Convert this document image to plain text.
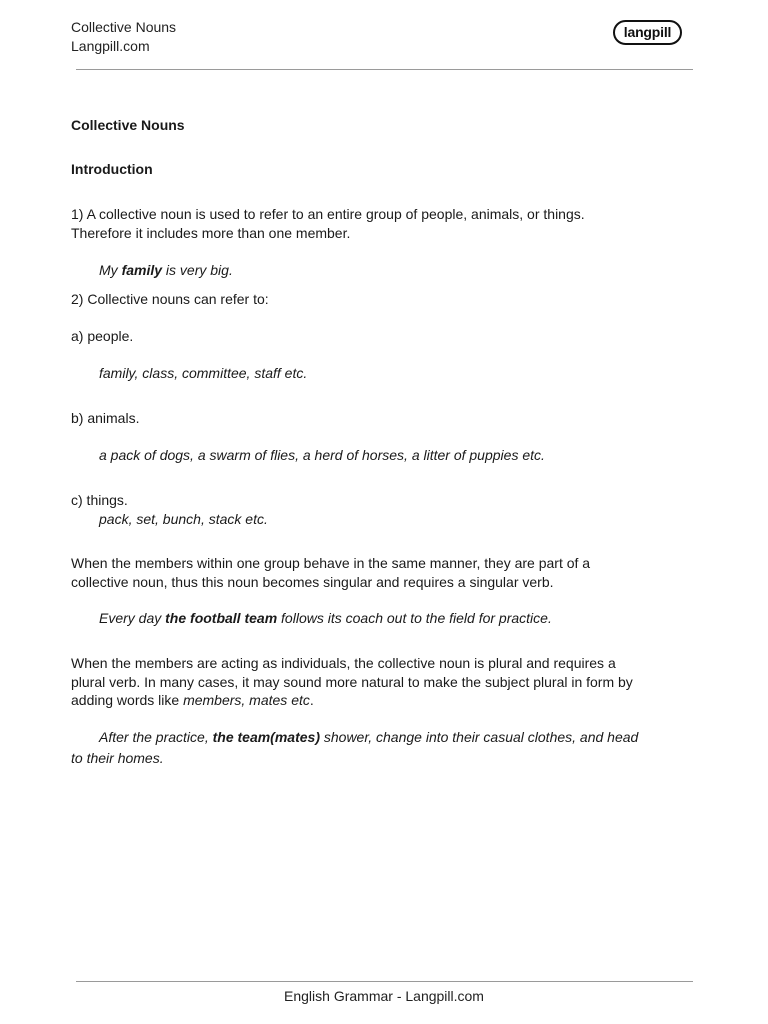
Collective Nouns
Langpill.com
langpill
Collective Nouns
Introduction
1) A collective noun is used to refer to an entire group of people, animals, or things.
Therefore it includes more than one member.
My family is very big.
2) Collective nouns can refer to:
a) people.
family, class, committee, staff etc.
b) animals.
a pack of dogs, a swarm of flies, a herd of horses, a litter of puppies etc.
c) things.
pack, set, bunch, stack etc.
When the members within one group behave in the same manner, they are part of a
collective noun, thus this noun becomes singular and requires a singular verb.
Every day the football team follows its coach out to the field for practice.
When the members are acting as individuals, the collective noun is plural and requires a
plural verb. In many cases, it may sound more natural to make the subject plural in form by
adding words like members, mates etc.
After the practice, the team(mates) shower, change into their casual clothes, and head
to their homes.
English Grammar - Langpill.com
